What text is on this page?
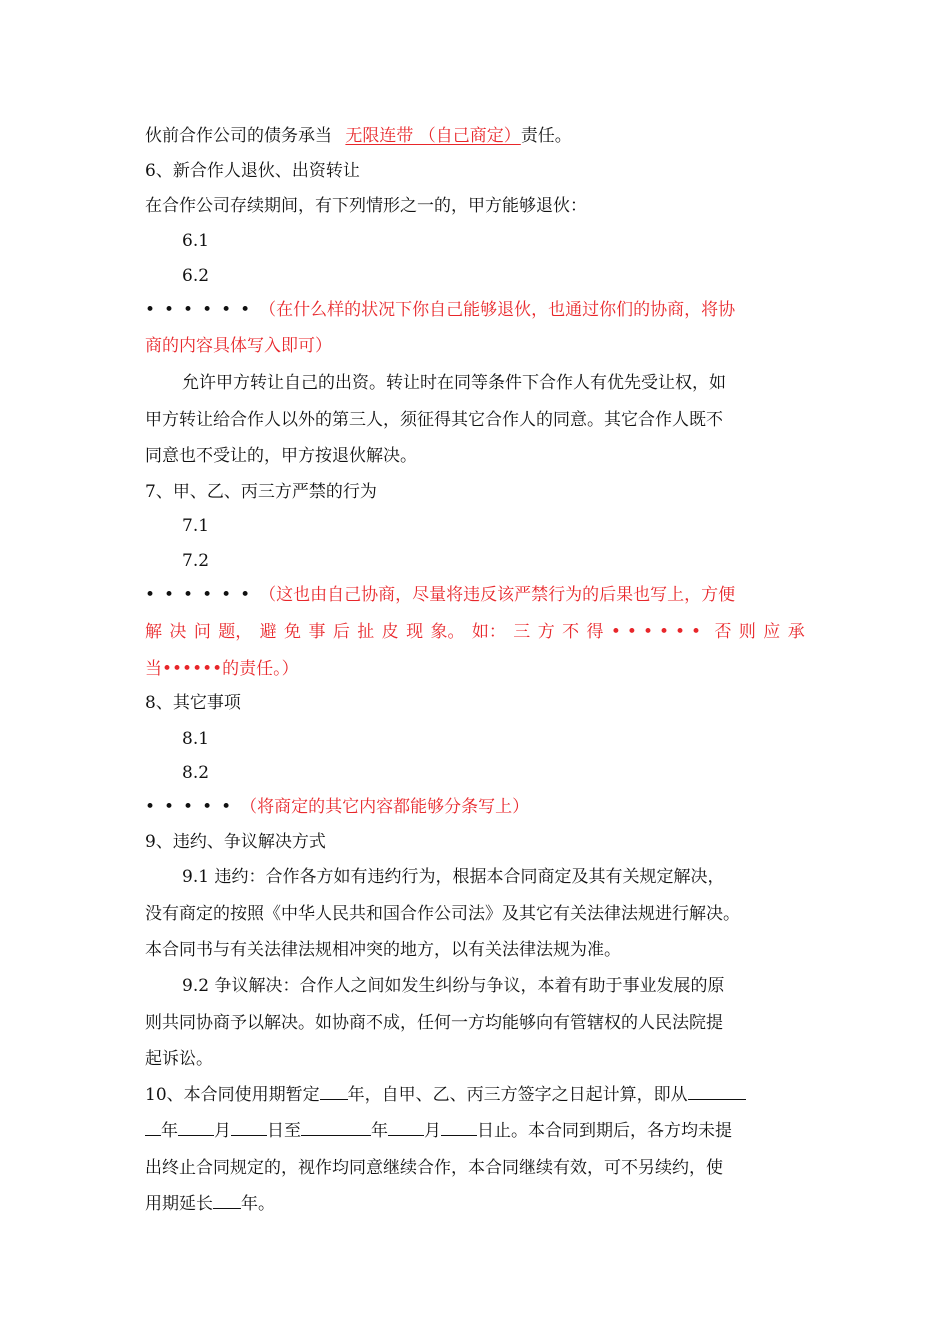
伙前合作公司的债务承当 无限连带 （自己商定）责任。
6、新合作人退伙、出资转让
在合作公司存续期间，有下列情形之一的，甲方能够退伙：
6.1
6.2
••••••（在什么样的状况下你自己能够退伙，也通过你们的协商，将协
商的内容具体写入即可）
允许甲方转让自己的出资。转让时在同等条件下合作人有优先受让权，如
甲方转让给合作人以外的第三人，须征得其它合作人的同意。其它合作人既不
同意也不受让的，甲方按退伙解决。
7、甲、乙、丙三方严禁的行为
7.1
7.2
••••••（这也由自己协商，尽量将违反该严禁行为的后果也写上，方便
解 决 问 题， 避 免 事 后 扯 皮 现 象。 如： 三 方 不 得 •••••• 否 则 应 承
当••••••的责任。）
8、其它事项
8.1
8.2
•••••（将商定的其它内容都能够分条写上）
9、违约、争议解决方式
9.1 违约：合作各方如有违约行为，根据本合同商定及其有关规定解决，
没有商定的按照《中华人民共和国合作公司法》及其它有关法律法规进行解决。
本合同书与有关法律法规相冲突的地方，以有关法律法规为准。
9.2 争议解决：合作人之间如发生纠纷与争议，本着有助于事业发展的原
则共同协商予以解决。如协商不成，任何一方均能够向有管辖权的人民法院提
起诉讼。
10、本合同使用期暂定 年，自甲、乙、丙三方签字之日起计算，即从
年 月 日至	年 月 日止。本合同到期后，各方均未提
出终止合同规定的，视作均同意继续合作，本合同继续有效，可不另续约，使
用期延长 年。
